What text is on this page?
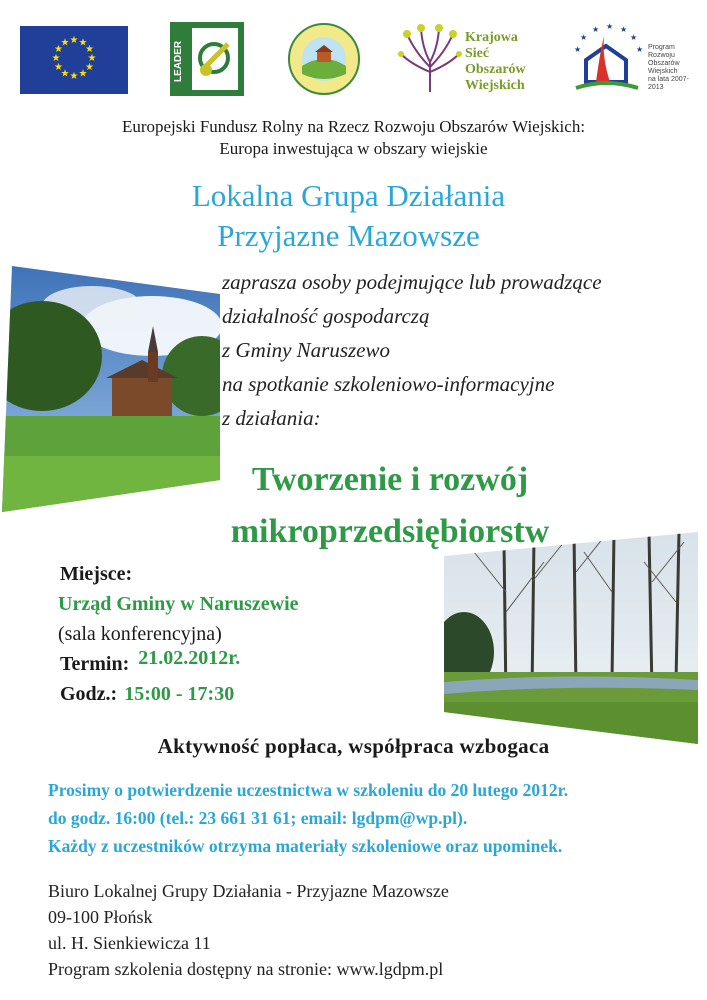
★ ★
★
★
★
★
★
★
★
★
★
★	LEADER
Krajowa
Sieć
Obszarów
Wiejskich
★
★
★ ★ ★
★
★ Program
Rozwoju
Obszarów
Wiejskich
na lata 2007-2013
Europejski Fundusz Rolny na Rzecz Rozwoju Obszarów Wiejskich:
Europa inwestująca w obszary wiejskie
Lokalna Grupa Działania
Przyjazne Mazowsze
zaprasza osoby podejmujące lub prowadzące
działalność gospodarczą
z Gminy Naruszewo
na spotkanie szkoleniowo-informacyjne
z działania:
Tworzenie i rozwój
mikroprzedsiębiorstw
Miejsce:
Urząd Gminy w Naruszewie
(sala konferencyjna)
Termin: 21.02.2012r.
Godz.: 15:00 - 17:30
Aktywność popłaca, współpraca wzbogaca
Prosimy o potwierdzenie uczestnictwa w szkoleniu do 20 lutego 2012r.
do godz. 16:00 (tel.: 23 661 31 61; email: lgdpm@wp.pl).
Każdy z uczestników otrzyma materiały szkoleniowe oraz upominek.
Biuro Lokalnej Grupy Działania - Przyjazne Mazowsze
09-100 Płońsk
ul. H. Sienkiewicza 11
Program szkolenia dostępny na stronie: www.lgdpm.pl
